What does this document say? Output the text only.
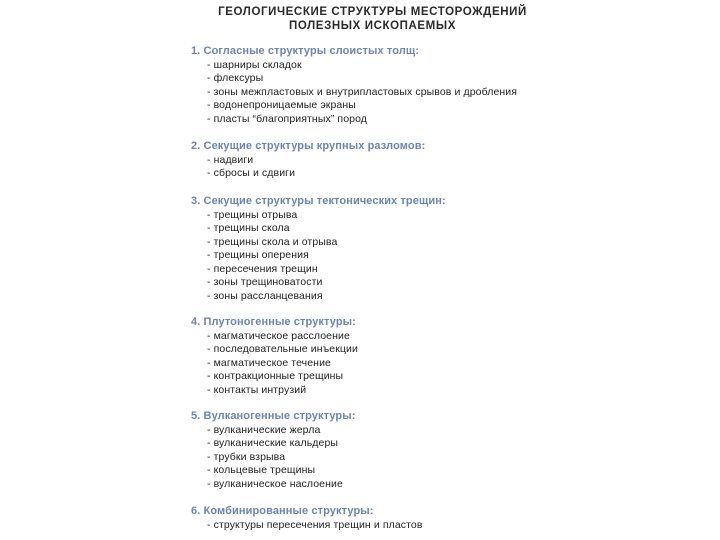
ГЕОЛОГИЧЕСКИЕ СТРУКТУРЫ МЕСТОРОЖДЕНИЙ
ПОЛЕЗНЫХ ИСКОПАЕМЫХ
1. Согласные структуры слоистых толщ:
- шарниры складок
- флексуры
- зоны межпластовых и внутрипластовых срывов и дробления
- водонепроницаемые экраны
- пласты “благоприятных” пород
2. Секущие структуры крупных разломов:
- надвиги
- сбросы и сдвиги
3. Секущие структуры тектонических трещин:
- трещины отрыва
- трещины скола
- трещины скола и отрыва
- трещины оперения
- пересечения трещин
- зоны трещиноватости
- зоны рассланцевания
4. Плутоногенные структуры:
- магматическое расслоение
- последовательные инъекции
- магматическое течение
- контракционные трещины
- контакты интрузий
5. Вулканогенные структуры:
- вулканические жерла
- вулканические кальдеры
- трубки взрыва
- кольцевые трещины
- вулканическое наслоение
6. Комбинированные структуры:
- структуры пересечения трещин и пластов
